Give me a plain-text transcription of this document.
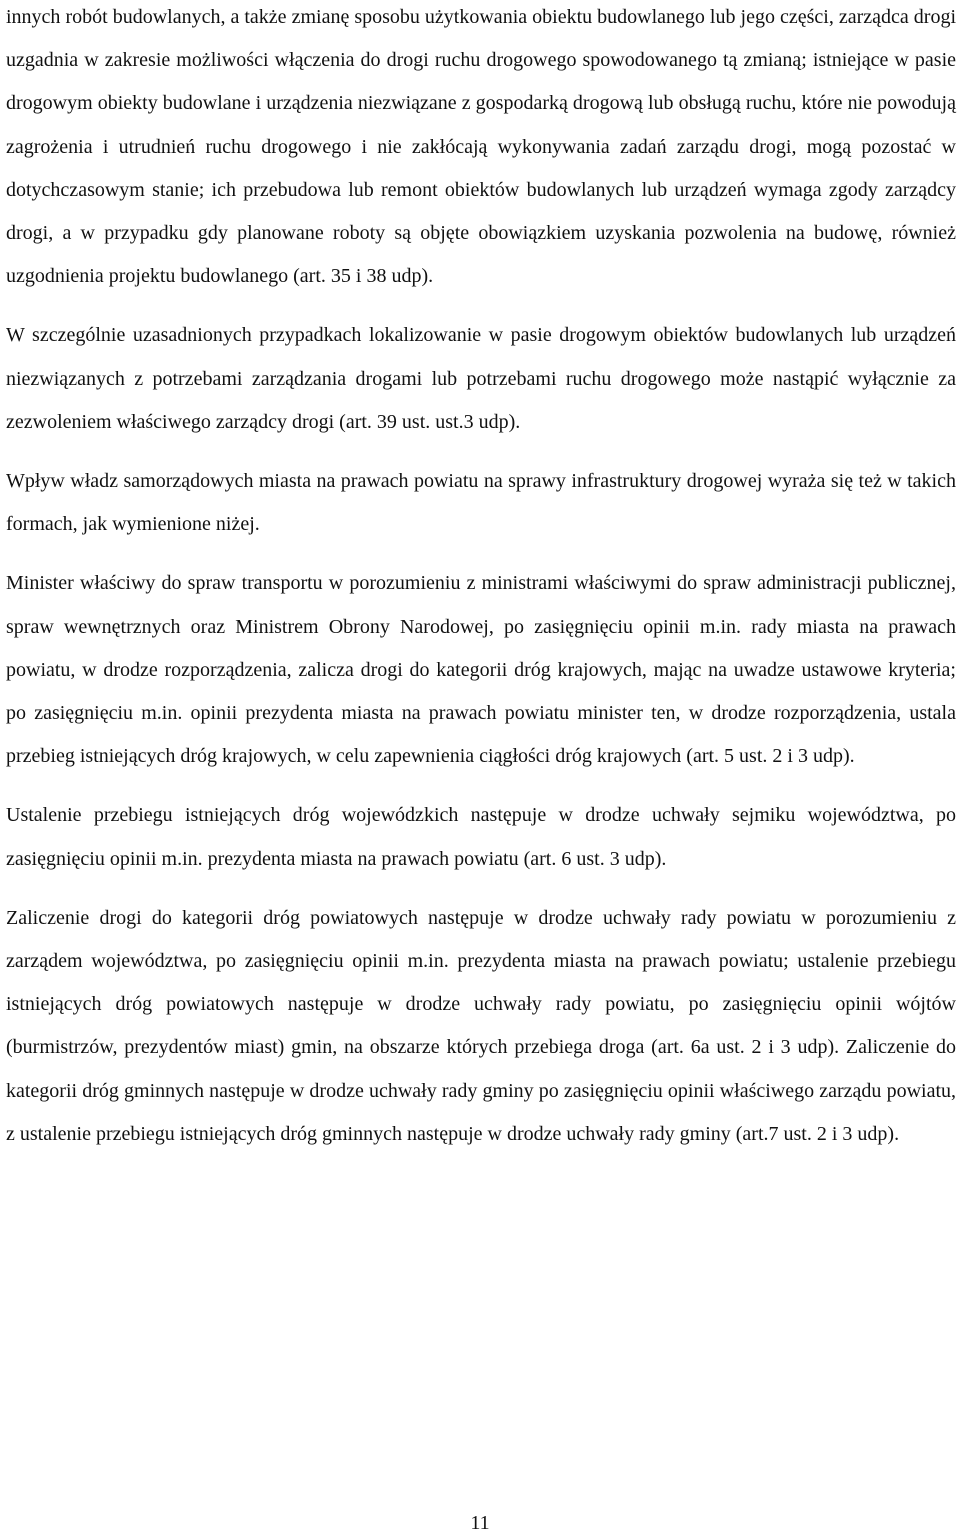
innych robót budowlanych, a także zmianę sposobu użytkowania obiektu budowlanego lub jego części, zarządca drogi uzgadnia w zakresie możliwości włączenia do drogi ruchu drogowego spowodowanego tą zmianą; istniejące w pasie drogowym obiekty budowlane i urządzenia niezwiązane z gospodarką drogową lub obsługą ruchu, które nie powodują zagrożenia i utrudnień ruchu drogowego i nie zakłócają wykonywania zadań zarządu drogi, mogą pozostać w dotychczasowym stanie; ich przebudowa lub remont obiektów budowlanych lub urządzeń wymaga zgody zarządcy drogi, a w przypadku gdy planowane roboty są objęte obowiązkiem uzyskania pozwolenia na budowę, również uzgodnienia projektu budowlanego (art. 35 i 38 udp).

W szczególnie uzasadnionych przypadkach lokalizowanie w pasie drogowym obiektów budowlanych lub urządzeń niezwiązanych z potrzebami zarządzania drogami lub potrzebami ruchu drogowego może nastąpić wyłącznie za zezwoleniem właściwego zarządcy drogi (art. 39 ust. ust.3 udp).

Wpływ władz samorządowych miasta na prawach powiatu na sprawy infrastruktury drogowej wyraża się też w takich formach, jak wymienione niżej.

Minister właściwy do spraw transportu w porozumieniu z ministrami właściwymi do spraw administracji publicznej, spraw wewnętrznych oraz Ministrem Obrony Narodowej, po zasięgnięciu opinii m.in. rady miasta na prawach powiatu, w drodze rozporządzenia, zalicza drogi do kategorii dróg krajowych, mając na uwadze ustawowe kryteria; po zasięgnięciu m.in. opinii prezydenta miasta na prawach powiatu minister ten, w drodze rozporządzenia, ustala przebieg istniejących dróg krajowych, w celu zapewnienia ciągłości dróg krajowych (art. 5 ust. 2 i 3 udp).

Ustalenie przebiegu istniejących dróg wojewódzkich następuje w drodze uchwały sejmiku województwa, po zasięgnięciu opinii m.in. prezydenta miasta na prawach powiatu (art. 6 ust. 3 udp).

Zaliczenie drogi do kategorii dróg powiatowych następuje w drodze uchwały rady powiatu w porozumieniu z zarządem województwa, po zasięgnięciu opinii m.in. prezydenta miasta na prawach powiatu; ustalenie przebiegu istniejących dróg powiatowych następuje w drodze uchwały rady powiatu, po zasięgnięciu opinii wójtów (burmistrzów, prezydentów miast) gmin, na obszarze których przebiega droga (art. 6a ust. 2 i 3 udp). Zaliczenie do kategorii dróg gminnych następuje w drodze uchwały rady gminy po zasięgnięciu opinii właściwego zarządu powiatu, z ustalenie przebiegu istniejących dróg gminnych następuje w drodze uchwały rady gminy (art.7 ust. 2 i 3 udp).

11
